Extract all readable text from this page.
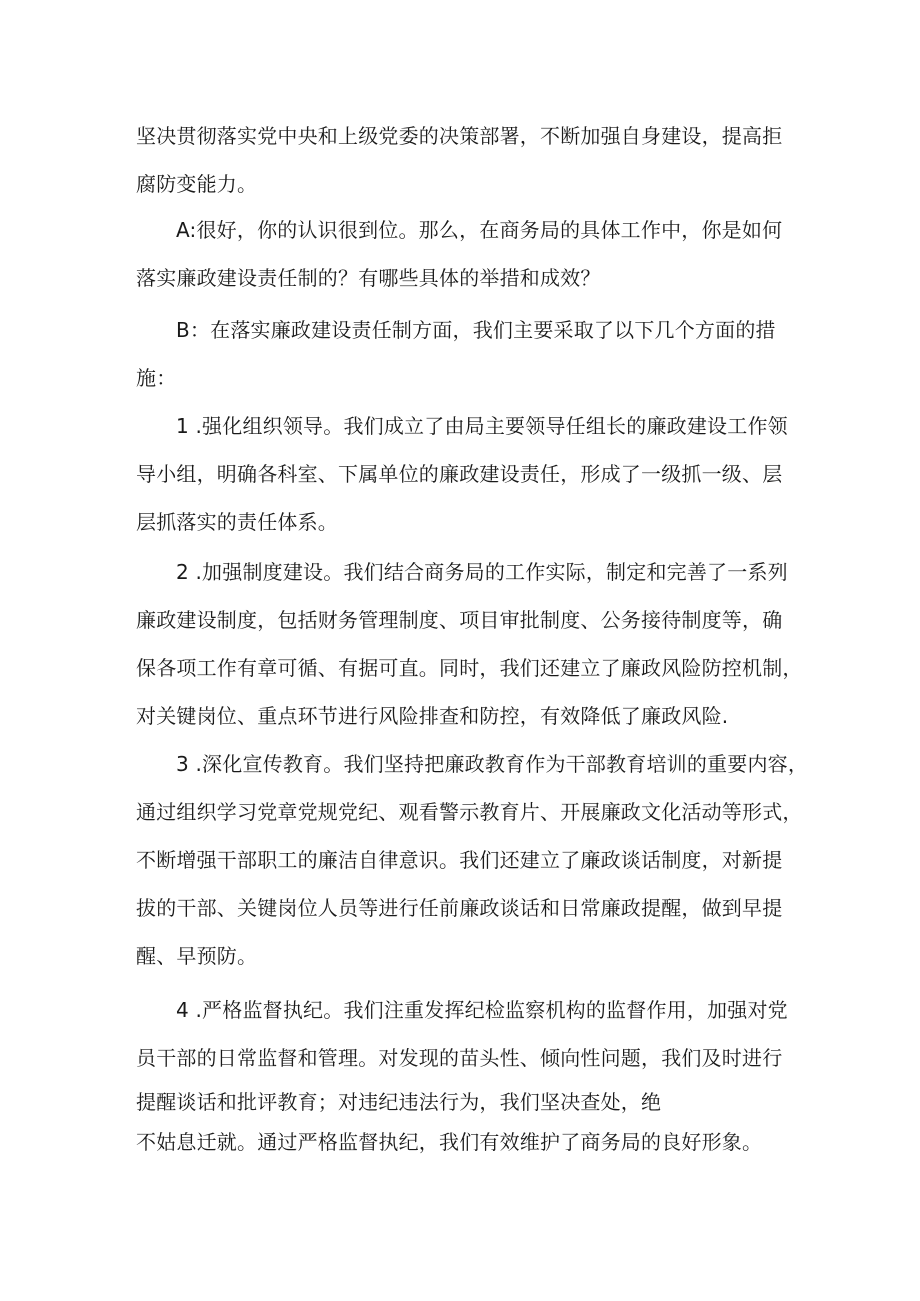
坚决贯彻落实党中央和上级党委的决策部署，不断加强自身建设，提高拒
腐防变能力。
A:很好，你的认识很到位。那么，在商务局的具体工作中，你是如何
落实廉政建设责任制的？有哪些具体的举措和成效？
B：在落实廉政建设责任制方面，我们主要采取了以下几个方面的措
施：
1 .强化组织领导。我们成立了由局主要领导任组长的廉政建设工作领
导小组，明确各科室、下属单位的廉政建设责任，形成了一级抓一级、层
层抓落实的责任体系。
2 .加强制度建设。我们结合商务局的工作实际，制定和完善了一系列
廉政建设制度，包括财务管理制度、项目审批制度、公务接待制度等，确
保各项工作有章可循、有据可直。同时，我们还建立了廉政风险防控机制，
对关键岗位、重点环节进行风险排查和防控，有效降低了廉政风险.
3 .深化宣传教育。我们坚持把廉政教育作为干部教育培训的重要内容，
通过组织学习党章党规党纪、观看警示教育片、开展廉政文化活动等形式，
不断增强干部职工的廉洁自律意识。我们还建立了廉政谈话制度，对新提
拔的干部、关键岗位人员等进行任前廉政谈话和日常廉政提醒，做到早提
醒、早预防。
4 .严格监督执纪。我们注重发挥纪检监察机构的监督作用，加强对党
员干部的日常监督和管理。对发现的苗头性、倾向性问题，我们及时进行
提醒谈话和批评教育；对违纪违法行为，我们坚决查处，绝
不姑息迁就。通过严格监督执纪，我们有效维护了商务局的良好形象。
